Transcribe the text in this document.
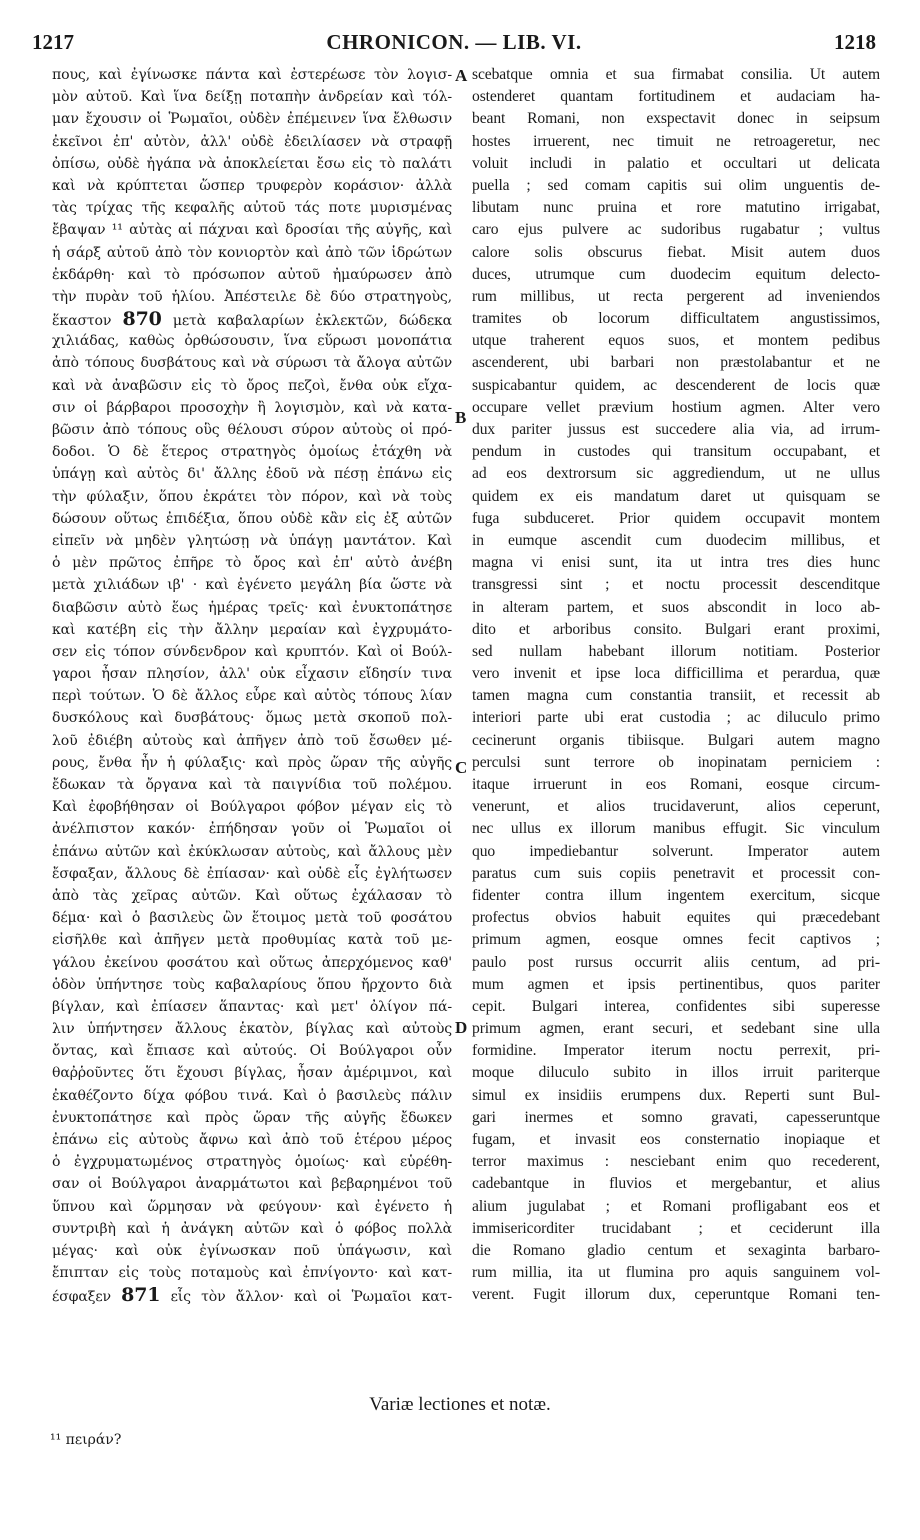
1217	CHRONICON. — LIB. VI.	1218
πους, καὶ ἐγίνωσκε πάντα καὶ ἐστερέωσε τὸν λογισ-
μὸν αὐτοῦ. Καὶ ἵνα δείξῃ ποταπὴν ἀνδρείαν καὶ τόλ-
μαν ἔχουσιν οἱ Ῥωμαῖοι, οὐδὲν ἐπέμεινεν ἵνα ἔλθωσιν
ἐκεῖνοι ἐπ' αὐτὸν, ἀλλ' οὐδὲ ἐδειλίασεν νὰ στραφῇ
ὀπίσω, οὐδὲ ἠγάπα νὰ ἀποκλείεται ἔσω εἰς τὸ παλάτι
καὶ νὰ κρύπτεται ὥσπερ τρυφερὸν κοράσιον· ἀλλὰ
τὰς τρίχας τῆς κεφαλῆς αὐτοῦ τάς ποτε μυρισμένας
ἔβαψαν ¹¹ αὐτὰς αἱ πάχναι καὶ δροσίαι τῆς αὐγῆς, καὶ
ἡ σάρξ αὐτοῦ ἀπὸ τὸν κονιορτὸν καὶ ἀπὸ τῶν ἱδρώτων
ἐκδάρθη· καὶ τὸ πρόσωπον αὐτοῦ ἠμαύρωσεν ἀπὸ
τὴν πυρὰν τοῦ ἡλίου. Ἀπέστειλε δὲ δύο στρατηγοὺς,
ἕκαστον 870 μετὰ καβαλαρίων ἐκλεκτῶν, δώδεκα
χιλιάδας, καθὼς ὀρθώσουσιν, ἵνα εὕρωσι μονοπάτια
ἀπὸ τόπους δυσβάτους καὶ νὰ σύρωσι τὰ ἄλογα αὐτῶν
καὶ νὰ ἀναβῶσιν εἰς τὸ ὄρος πεζοὶ, ἔνθα οὐκ εἴχα-
σιν οἱ βάρβαροι προσοχὴν ἢ λογισμὸν, καὶ νὰ κατα-
βῶσιν ἀπὸ τόπους οὓς θέλουσι σύρον αὐτοὺς οἱ πρό-
δοδοι. Ὁ δὲ ἕτερος στρατηγὸς ὁμοίως ἐτάχθη νὰ
ὑπάγῃ καὶ αὐτὸς δι' ἄλλης ἐδοῦ νὰ πέσῃ ἐπάνω εἰς
τὴν φύλαξιν, ὅπου ἐκράτει τὸν πόρον, καὶ νὰ τοὺς
δώσουν οὕτως ἐπιδέξια, ὅπου οὐδὲ κἂν εἰς ἐξ αὐτῶν
εἰπεῖν νὰ μηδὲν γλητώσῃ νὰ ὑπάγῃ μαντάτον. Καὶ
ὁ μὲν πρῶτος ἐπῆρε τὸ ὄρος καὶ ἐπ' αὐτὸ ἀνέβη
μετὰ χιλιάδων ιβ' · καὶ ἐγένετο μεγάλη βία ὥστε νὰ
διαβῶσιν αὐτὸ ἕως ἡμέρας τρεῖς· καὶ ἐνυκτοπάτησε
καὶ κατέβη εἰς τὴν ἄλλην μεραίαν καὶ ἐγχρυμάτο-
σεν εἰς τόπον σύνδενδρον καὶ κρυπτόν. Καὶ οἱ Βούλ-
γαροι ἦσαν πλησίον, ἀλλ' οὐκ εἶχασιν εἴδησίν τινα
περὶ τούτων. Ὁ δὲ ἄλλος εὗρε καὶ αὐτὸς τόπους λίαν
δυσκόλους καὶ δυσβάτους· ὅμως μετὰ σκοποῦ πολ-
λοῦ ἐδιέβη αὐτοὺς καὶ ἀπῆγεν ἀπὸ τοῦ ἔσωθεν μέ-
ρους, ἔνθα ἦν ἡ φύλαξις· καὶ πρὸς ὥραν τῆς αὐγῆς
ἔδωκαν τὰ ὄργανα καὶ τὰ παιγνίδια τοῦ πολέμου.
Καὶ ἐφοβήθησαν οἱ Βούλγαροι φόβον μέγαν εἰς τὸ
ἀνέλπιστον κακόν· ἐπήδησαν γοῦν οἱ Ῥωμαῖοι οἱ
ἐπάνω αὐτῶν καὶ ἐκύκλωσαν αὐτοὺς, καὶ ἄλλους μὲν
ἔσφαξαν, ἄλλους δὲ ἐπίασαν· καὶ οὐδὲ εἷς ἐγλήτωσεν
ἀπὸ τὰς χεῖρας αὐτῶν. Καὶ οὕτως ἐχάλασαν τὸ
δέμα· καὶ ὁ βασιλεὺς ὢν ἕτοιμος μετὰ τοῦ φοσάτου
εἰσῆλθε καὶ ἀπῆγεν μετὰ προθυμίας κατὰ τοῦ με-
γάλου ἐκείνου φοσάτου καὶ οὕτως ἀπερχόμενος καθ'
ὁδὸν ὑπήντησε τοὺς καβαλαρίους ὅπου ἤρχοντο διὰ
βίγλαν, καὶ ἐπίασεν ἅπαντας· καὶ μετ' ὀλίγον πά-
λιν ὑπήντησεν ἄλλους ἑκατὸν, βίγλας καὶ αὐτοὺς
ὄντας, καὶ ἔπιασε καὶ αὐτούς. Οἱ Βούλγαροι οὖν
θαῤῥοῦντες ὅτι ἔχουσι βίγλας, ἦσαν ἀμέριμνοι, καὶ
ἐκαθέζοντο δίχα φόβου τινά. Καὶ ὁ βασιλεὺς πάλιν
ἐνυκτοπάτησε καὶ πρὸς ὥραν τῆς αὐγῆς ἔδωκεν
ἐπάνω εἰς αὐτοὺς ἄφνω καὶ ἀπὸ τοῦ ἑτέρου μέρος
ὁ ἐγχρυματωμένος στρατηγὸς ὁμοίως· καὶ εὑρέθη-
σαν οἱ Βούλγαροι ἀναρμάτωτοι καὶ βεβαρημένοι τοῦ
ὕπνου καὶ ὥρμησαν νὰ φεύγουν· καὶ ἐγένετο ἡ
συντριβὴ καὶ ἡ ἀνάγκη αὐτῶν καὶ ὁ φόβος πολλὰ
μέγας· καὶ οὐκ ἐγίνωσκαν ποῦ ὑπάγωσιν, καὶ
ἔπιπταν εἰς τοὺς ποταμοὺς καὶ ἐπνίγοντο· καὶ κατ-
έσφαξεν 871 εἷς τὸν ἄλλον· καὶ οἱ Ῥωμαῖοι κατ-
scebatque omnia et sua firmabat consilia. Ut autem
ostenderet quantam fortitudinem et audaciam ha-
beant Romani, non exspectavit donec in seipsum
hostes irruerent, nec timuit ne retroageretur, nec
voluit includi in palatio et occultari ut delicata
puella ; sed comam capitis sui olim unguentis de-
libutam nunc pruina et rore matutino irrigabat,
caro ejus pulvere ac sudoribus rugabatur ; vultus
calore solis obscurus fiebat. Misit autem duos
duces, utrumque cum duodecim equitum delecto-
rum millibus, ut recta pergerent ad inveniendos
tramites ob locorum difficultatem angustissimos,
utque traherent equos suos, et montem pedibus
ascenderent, ubi barbari non præstolabantur et ne
suspicabantur quidem, ac descenderent de locis quæ
occupare vellet prævium hostium agmen. Alter vero
dux pariter jussus est succedere alia via, ad irrum-
pendum in custodes qui transitum occupabant, et
ad eos dextrorsum sic aggrediendum, ut ne ullus
quidem ex eis mandatum daret ut quisquam se
fuga subduceret. Prior quidem occupavit montem
in eumque ascendit cum duodecim millibus, et
magna vi enisi sunt, ita ut intra tres dies hunc
transgressi sint ; et noctu processit descenditque
in alteram partem, et suos abscondit in loco ab-
dito et arboribus consito. Bulgari erant proximi,
sed nullam habebant illorum notitiam. Posterior
vero invenit et ipse loca difficillima et perardua, quæ
tamen magna cum constantia transiit, et recessit ab
interiori parte ubi erat custodia ; ac diluculo primo
cecinerunt organis tibiisque. Bulgari autem magno
perculsi sunt terrore ob inopinatam perniciem :
itaque irruerunt in eos Romani, eosque circum-
venerunt, et alios trucidaverunt, alios ceperunt,
nec ullus ex illorum manibus effugit. Sic vinculum
quo impediebantur solverunt. Imperator autem
paratus cum suis copiis penetravit et processit con-
fidenter contra illum ingentem exercitum, sicque
profectus obvios habuit equites qui præcedebant
primum agmen, eosque omnes fecit captivos ;
paulo post rursus occurrit aliis centum, ad pri-
mum agmen et ipsis pertinentibus, quos pariter
cepit. Bulgari interea, confidentes sibi superesse
primum agmen, erant securi, et sedebant sine ulla
formidine. Imperator iterum noctu perrexit, pri-
moque diluculo subito in illos irruit pariterque
simul ex insidiis erumpens dux. Reperti sunt Bul-
gari inermes et somno gravati, capesseruntque
fugam, et invasit eos consternatio inopiaque et
terror maximus : nesciebant enim quo recederent,
cadebantque in fluvios et mergebantur, et alius
alium jugulabat ; et Romani profligabant eos et
immisericorditer trucidabant ; et ceciderunt illa
die Romano gladio centum et sexaginta barbaro-
rum millia, ita ut flumina pro aquis sanguinem vol-
verent. Fugit illorum dux, ceperuntque Romani ten-
A
B
C
D
Variæ lectiones et notæ.
¹¹ πειράν?
